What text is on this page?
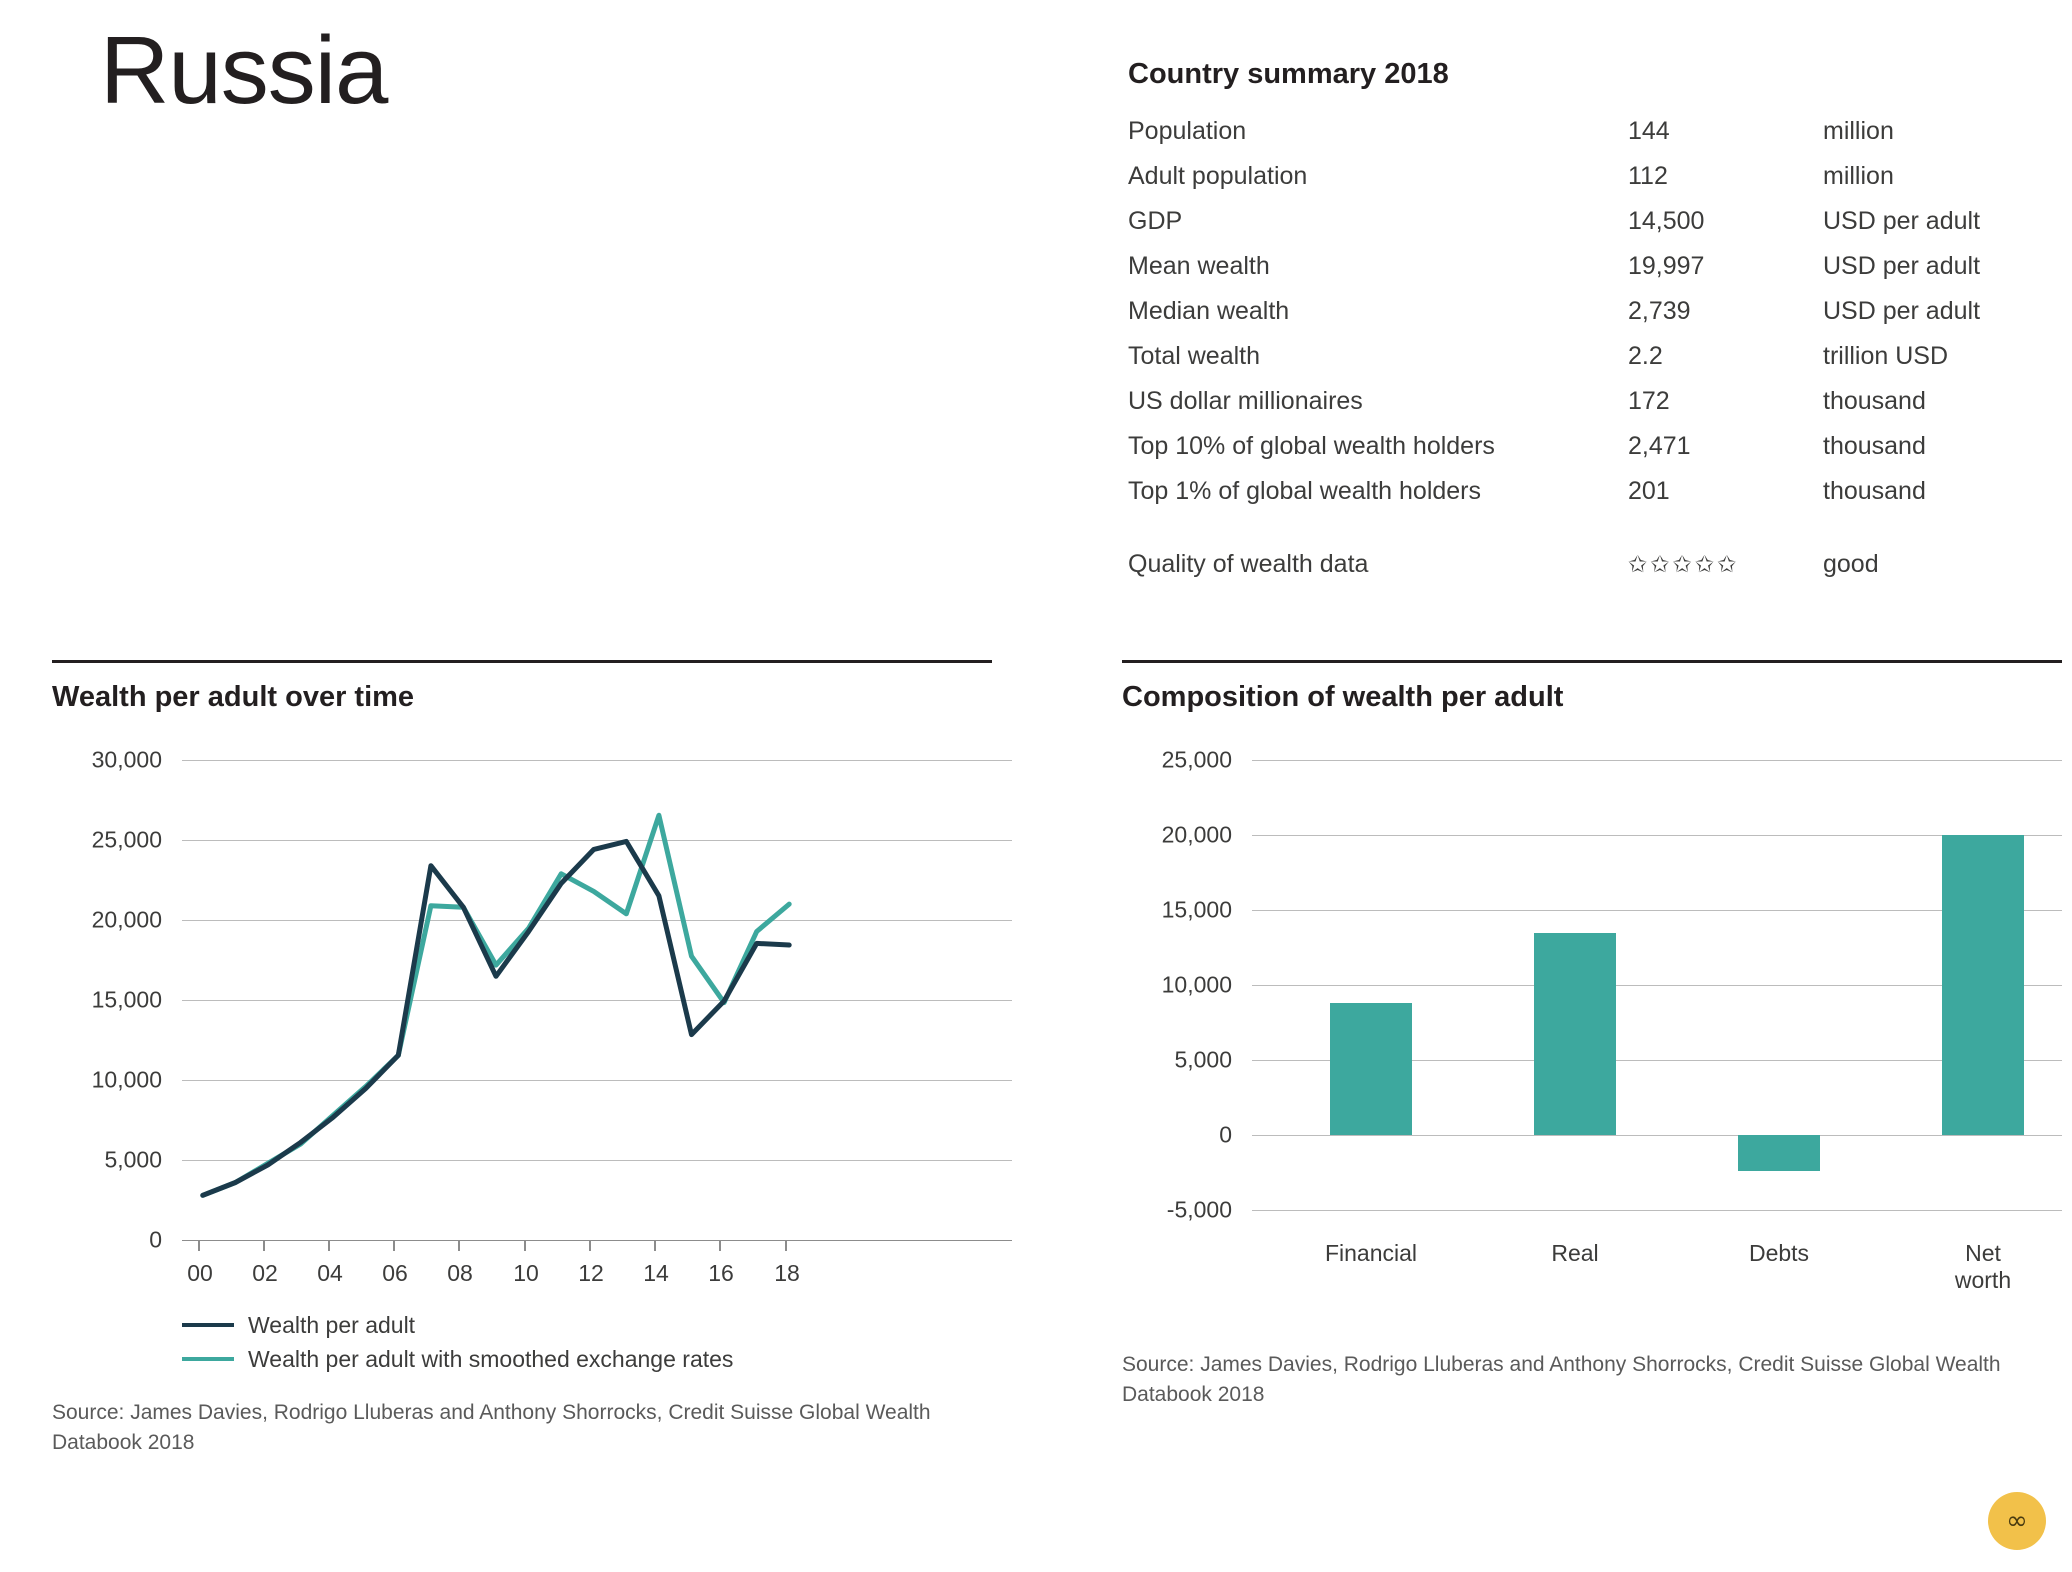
Russia	Country summary 2018
Population	144	million
Adult population	112	million
GDP	14,500	USD per adult
Mean wealth	19,997	USD per adult
Median wealth	2,739	USD per adult
Total wealth	2.2	trillion USD
US dollar millionaires	172	thousand
Top 10% of global wealth holders	2,471	thousand
Top 1% of global wealth holders	201	thousand
Quality of wealth data	✩✩✩✩✩	good
Wealth per adult over time
30,000
25,000
20,000
15,000
10,000
5,000
0
00 02 04 06 08 10 12 14 16 18
Wealth per adult
Wealth per adult with smoothed exchange rates
Source: James Davies, Rodrigo Lluberas and Anthony Shorrocks, Credit Suisse Global Wealth Databook 2018
Composition of wealth per adult
25,000
20,000
15,000
10,000
5,000
0
-5,000
Financial	Real	Debts	Net worth
Source: James Davies, Rodrigo Lluberas and Anthony Shorrocks, Credit Suisse Global Wealth Databook 2018
∞
